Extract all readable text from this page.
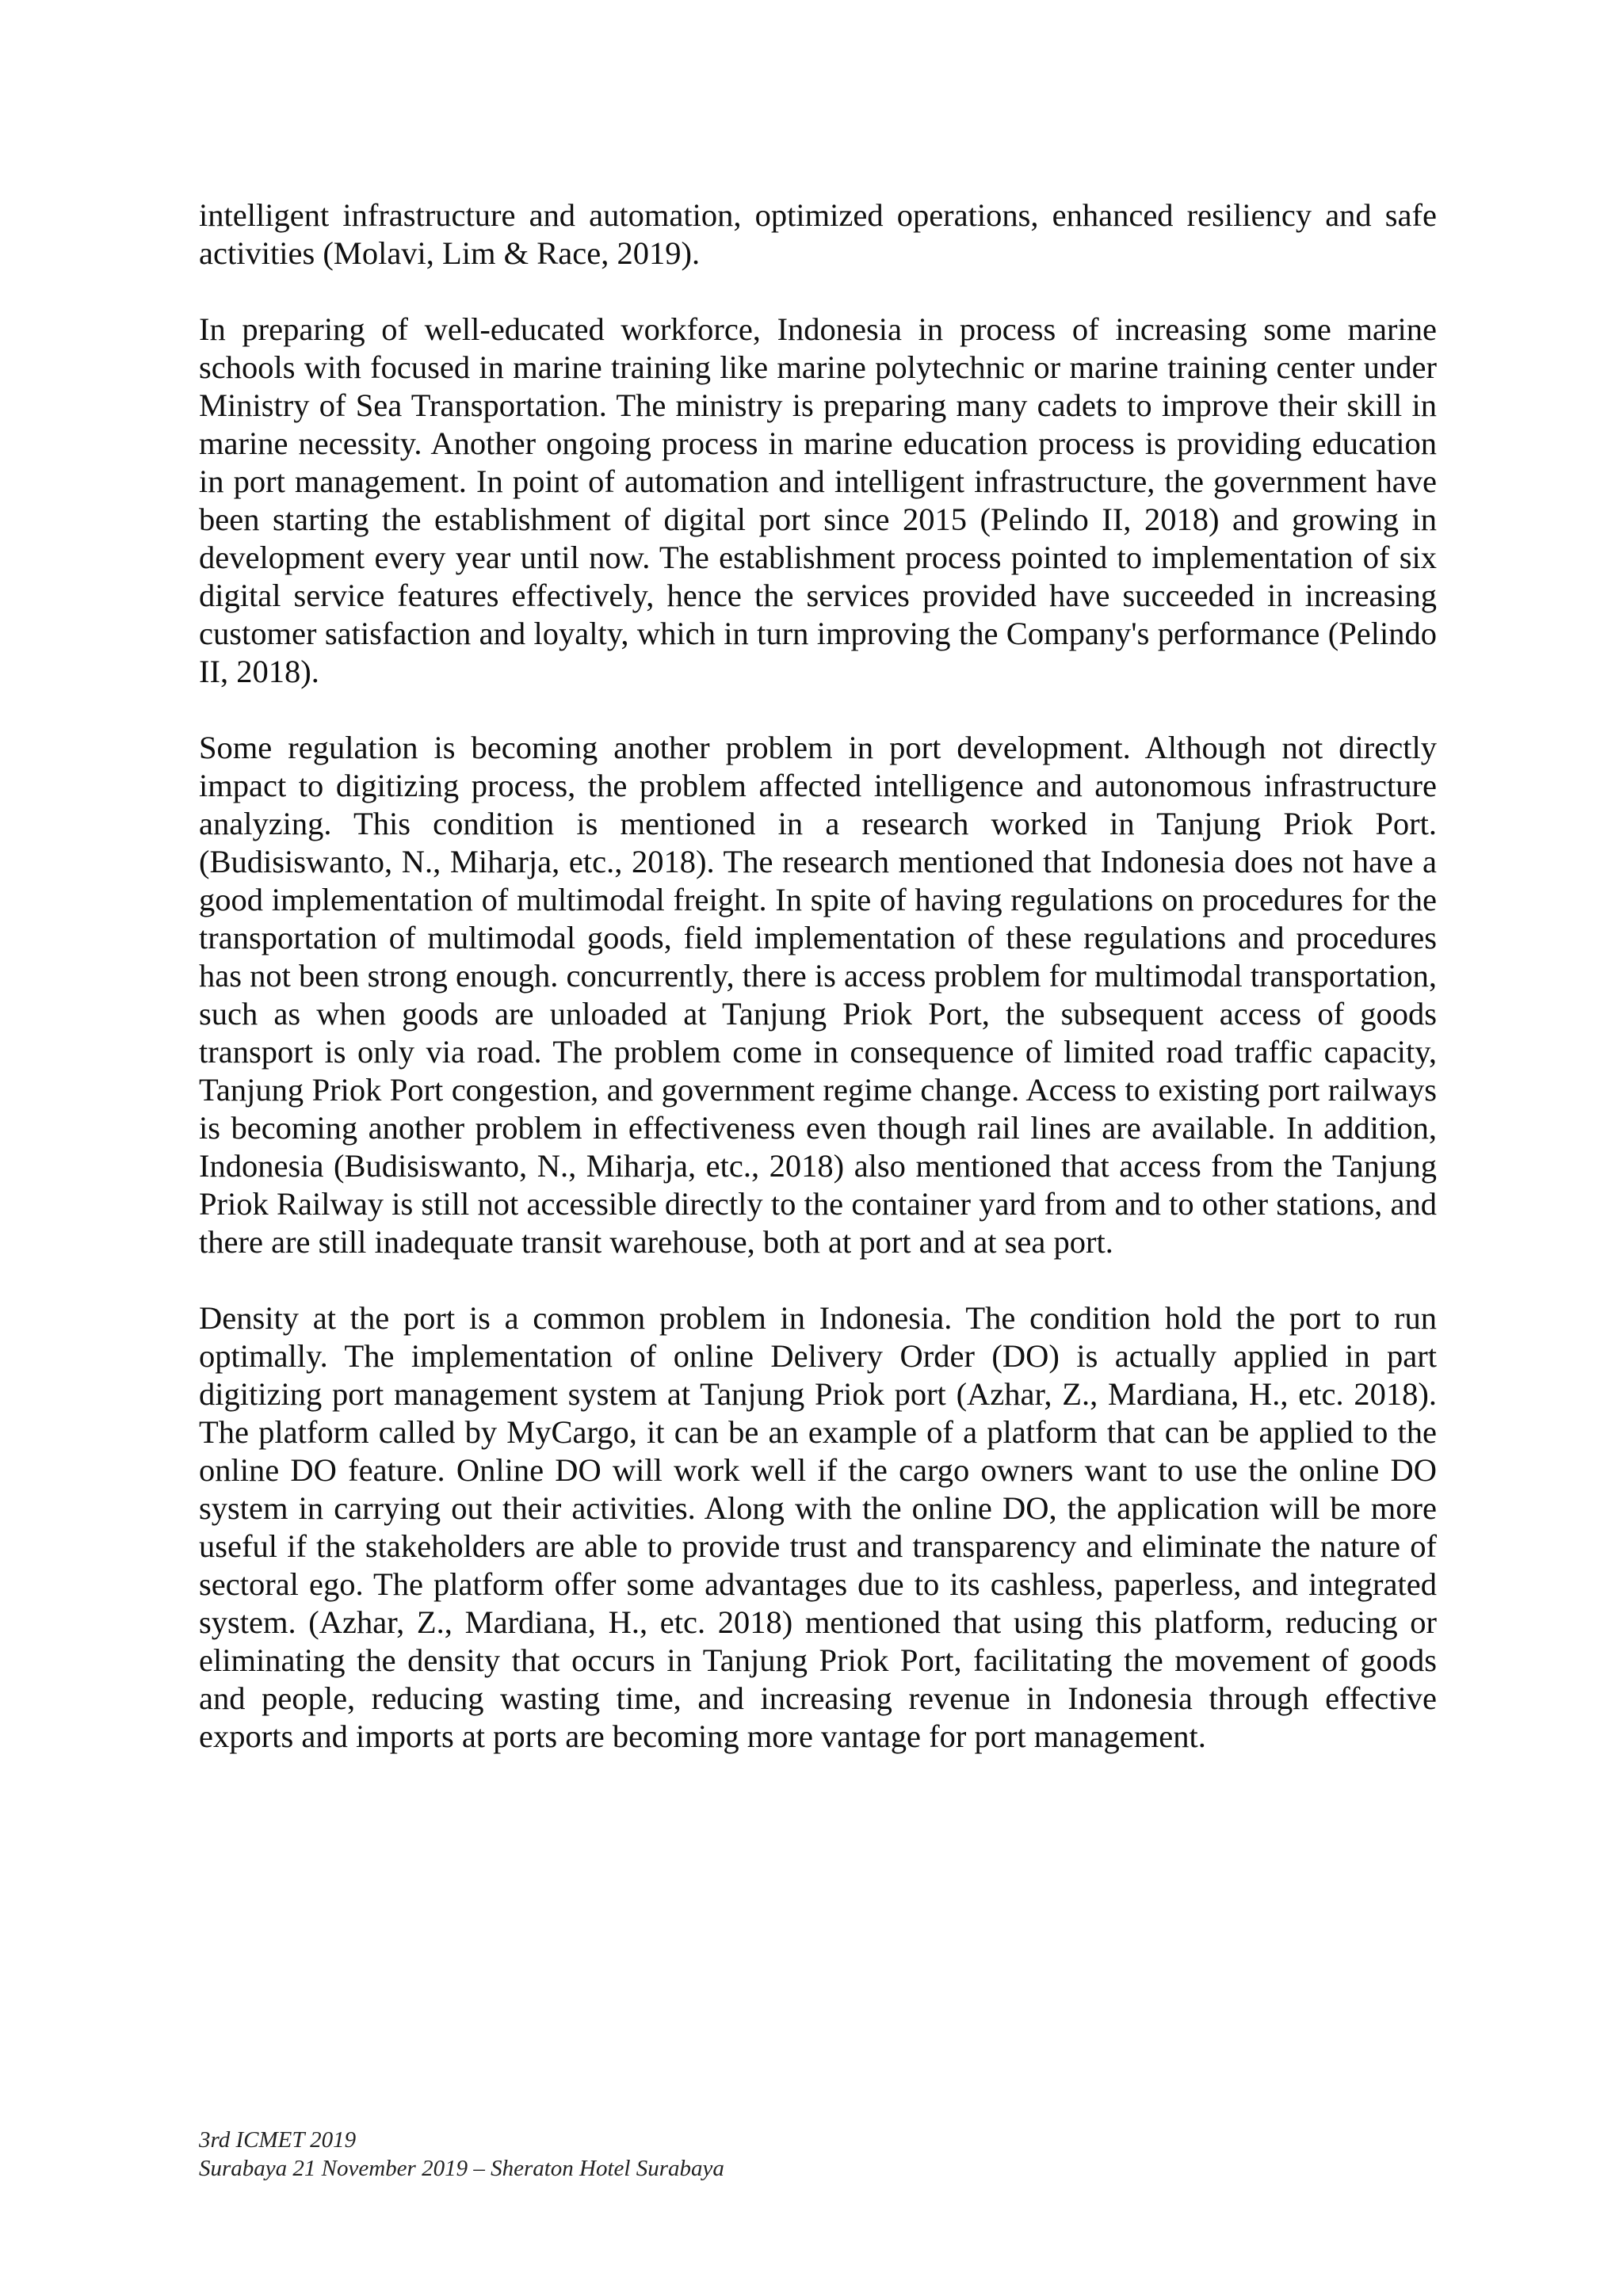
intelligent infrastructure and automation, optimized operations, enhanced resiliency and safe activities (Molavi, Lim & Race, 2019).

In preparing of well-educated workforce, Indonesia in process of increasing some marine schools with focused in marine training like marine polytechnic or marine training center under Ministry of Sea Transportation. The ministry is preparing many cadets to improve their skill in marine necessity. Another ongoing process in marine education process is providing education in port management. In point of automation and intelligent infrastructure, the government have been starting the establishment of digital port since 2015 (Pelindo II, 2018) and growing in development every year until now. The establishment process pointed to implementation of six digital service features effectively, hence the services provided have succeeded in increasing customer satisfaction and loyalty, which in turn improving the Company's performance (Pelindo II, 2018).

Some regulation is becoming another problem in port development. Although not directly impact to digitizing process, the problem affected intelligence and autonomous infrastructure analyzing. This condition is mentioned in a research worked in Tanjung Priok Port. (Budisiswanto, N., Miharja, etc., 2018). The research mentioned that Indonesia does not have a good implementation of multimodal freight. In spite of having regulations on procedures for the transportation of multimodal goods, field implementation of these regulations and procedures has not been strong enough. concurrently, there is access problem for multimodal transportation, such as when goods are unloaded at Tanjung Priok Port, the subsequent access of goods transport is only via road. The problem come in consequence of limited road traffic capacity, Tanjung Priok Port congestion, and government regime change. Access to existing port railways is becoming another problem in effectiveness even though rail lines are available. In addition, Indonesia (Budisiswanto, N., Miharja, etc., 2018) also mentioned that access from the Tanjung Priok Railway is still not accessible directly to the container yard from and to other stations, and there are still inadequate transit warehouse, both at port and at sea port.

Density at the port is a common problem in Indonesia. The condition hold the port to run optimally. The implementation of online Delivery Order (DO) is actually applied in part digitizing port management system at Tanjung Priok port (Azhar, Z., Mardiana, H., etc. 2018). The platform called by MyCargo, it can be an example of a platform that can be applied to the online DO feature. Online DO will work well if the cargo owners want to use the online DO system in carrying out their activities. Along with the online DO, the application will be more useful if the stakeholders are able to provide trust and transparency and eliminate the nature of sectoral ego. The platform offer some advantages due to its cashless, paperless, and integrated system. (Azhar, Z., Mardiana, H., etc. 2018) mentioned that using this platform, reducing or eliminating the density that occurs in Tanjung Priok Port, facilitating the movement of goods and people, reducing wasting time, and increasing revenue in Indonesia through effective exports and imports at ports are becoming more vantage for port management.

3rd ICMET 2019
Surabaya 21 November 2019 – Sheraton Hotel Surabaya
